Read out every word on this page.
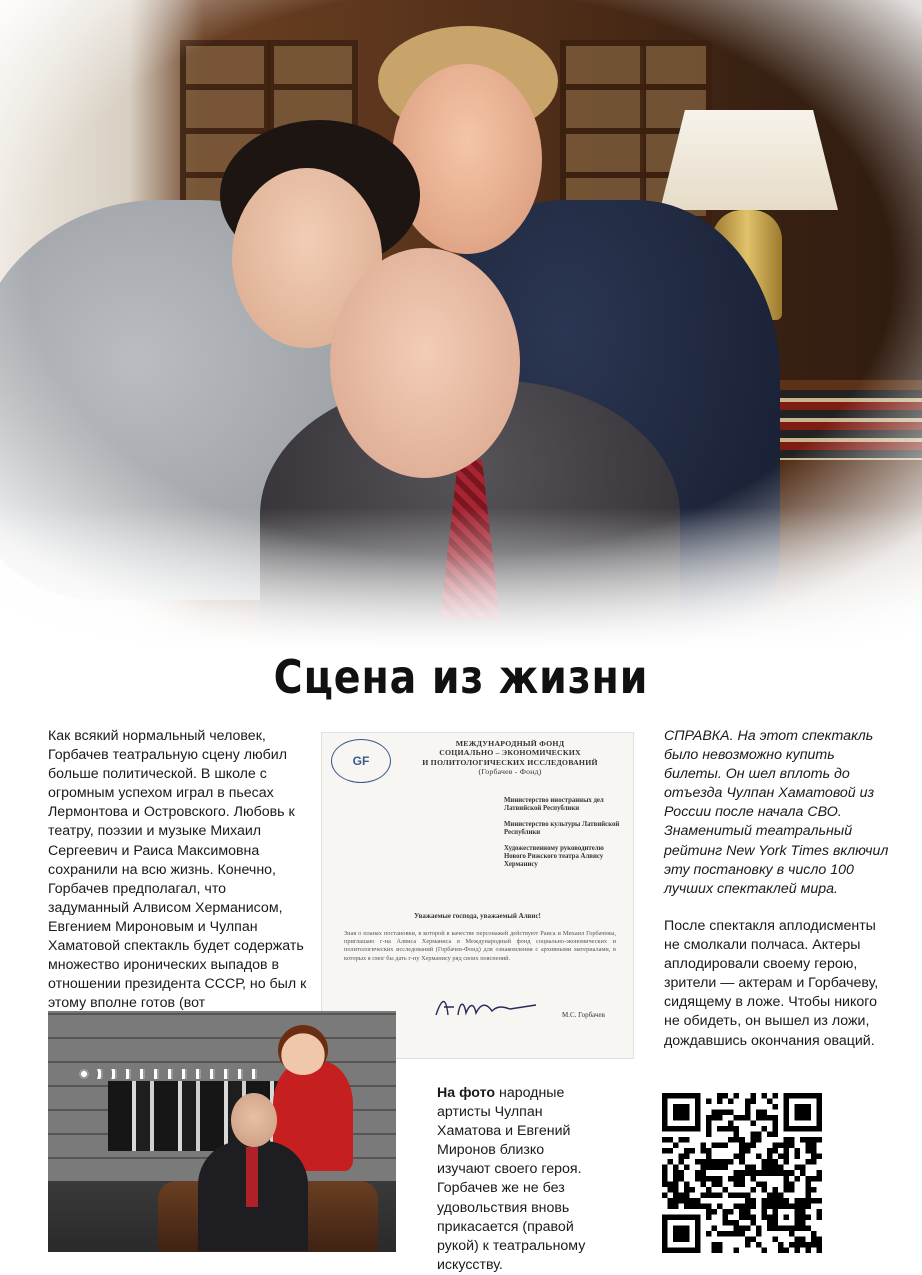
Сцена из жизни
Как всякий нормальный человек, Горбачев театральную сцену любил больше политической. В школе с огромным успехом играл в пьесах Лермонтова и Островского. Любовь к театру, поэзии и музыке Михаил Сергеевич и Раиса Максимовна сохранили на всю жизнь. Конечно, Горбачев предполагал, что задуманный Алвисом Херманисом, Евгением Мироновым и Чулпан Хаматовой спектакль будет содержать множество иронических выпадов в отношении президента СССР, но был к этому вполне готов (вот
GF
МЕЖДУНАРОДНЫЙ ФОНД
СОЦИАЛЬНО – ЭКОНОМИЧЕСКИХ
И ПОЛИТОЛОГИЧЕСКИХ ИССЛЕДОВАНИЙ
(Горбачев - Фонд)
Министерство иностранных дел Латвийской Республики
Министерство культуры Латвийской Республики
Художественному руководителю Нового Рижского театра Алвису Херманису
Уважаемые господа, уважаемый Алвис!
Зная о планах постановки, в которой в качестве персонажей действуют Раиса и Михаил Горбачевы, приглашаю г-на Алвиса Херманиса в Международный фонд социально-экономических и политологических исследований (Горбачев-Фонд) для ознакомления с архивными материалами, в которых я смог бы дать г-ну Херманису ряд своих пояснений.
М.С. Горбачев
СПРАВКА. На этот спектакль было невозможно купить билеты. Он шел вплоть до отъезда Чулпан Хаматовой из России после начала СВО. Знаменитый театральный рейтинг New York Times включил эту постановку в число 100 лучших спектаклей мира.
После спектакля аплодисменты не смолкали полчаса. Актеры аплодировали своему герою, зрители — актерам и Горбачеву, сидящему в ложе. Чтобы никого не обидеть, он вышел из ложи, дождавшись окончания оваций.
На фото народные артисты Чулпан Хаматова и Евгений Миронов близко изучают своего героя. Горбачев же не без удовольствия вновь прикасается (правой рукой) к театральному искусству.
